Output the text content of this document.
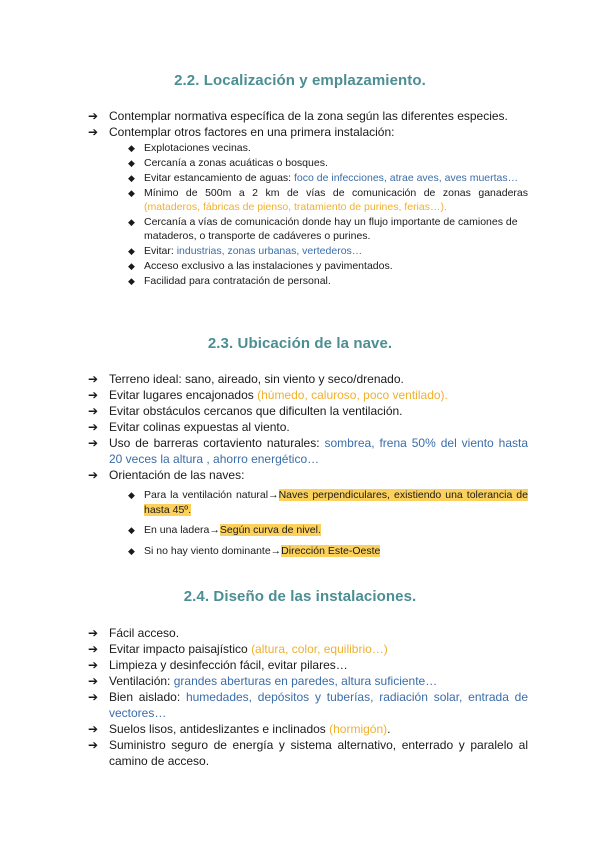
2.2. Localización y emplazamiento.
➔ Contemplar normativa específica de la zona según las diferentes especies.
➔ Contemplar otros factores en una primera instalación:
◆ Explotaciones vecinas.
◆ Cercanía a zonas acuáticas o bosques.
◆ Evitar estancamiento de aguas: foco de infecciones, atrae aves, aves muertas…
◆ Mínimo de 500m a 2 km de vías de comunicación de zonas ganaderas (mataderos, fábricas de pienso, tratamiento de purines, ferias…).
◆ Cercanía a vías de comunicación donde hay un flujo importante de camiones de mataderos, o transporte de cadáveres o purines.
◆ Evitar: industrias, zonas urbanas, vertederos…
◆ Acceso exclusivo a las instalaciones y pavimentados.
◆ Facilidad para contratación de personal.
2.3. Ubicación de la nave.
➔ Terreno ideal: sano, aireado, sin viento y seco/drenado.
➔ Evitar lugares encajonados (húmedo, caluroso, poco ventilado).
➔ Evitar obstáculos cercanos que dificulten la ventilación.
➔ Evitar colinas expuestas al viento.
➔ Uso de barreras cortaviento naturales: sombrea, frena 50% del viento hasta 20 veces la altura , ahorro energético…
➔ Orientación de las naves:
◆ Para la ventilación natural→Naves perpendiculares, existiendo una tolerancia de hasta 45º.
◆ En una ladera→Según curva de nivel.
◆ Si no hay viento dominante→Dirección Este-Oeste
2.4. Diseño de las instalaciones.
➔ Fácil acceso.
➔ Evitar impacto paisajístico (altura, color, equilibrio…)
➔ Limpieza y desinfección fácil, evitar pilares…
➔ Ventilación: grandes aberturas en paredes, altura suficiente…
➔ Bien aislado: humedades, depósitos y tuberías, radiación solar, entrada de vectores…
➔ Suelos lisos, antideslizantes e inclinados (hormigón).
➔ Suministro seguro de energía y sistema alternativo, enterrado y paralelo al camino de acceso.
